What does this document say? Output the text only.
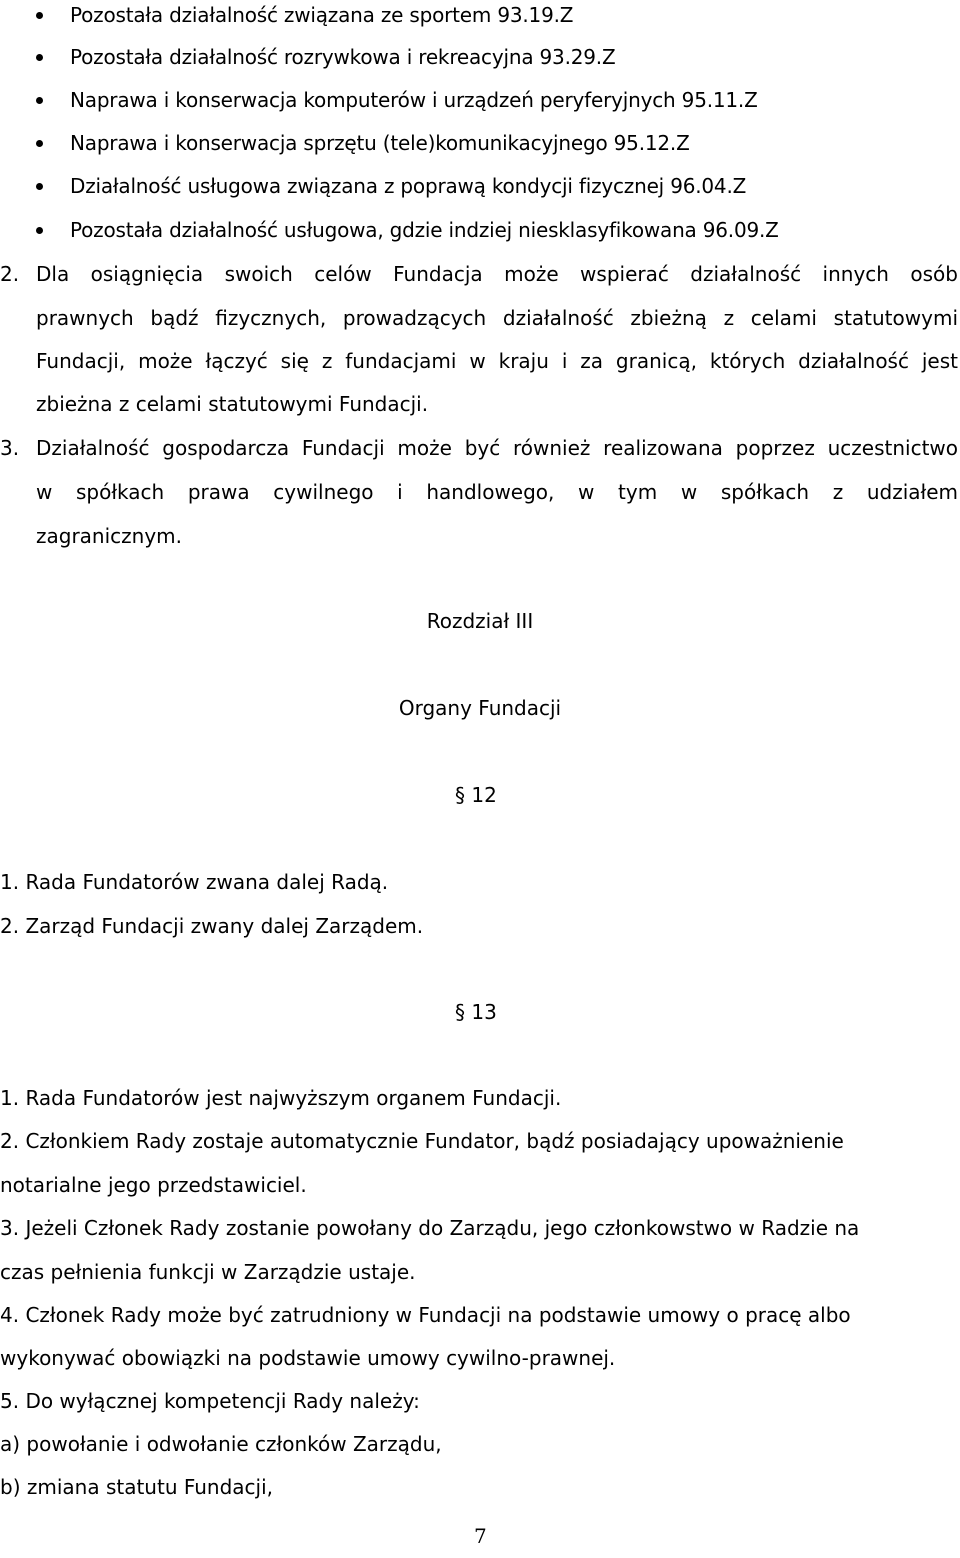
Pozostała działalność związana ze sportem 93.19.Z
Pozostała działalność rozrywkowa i rekreacyjna 93.29.Z
Naprawa i konserwacja komputerów i urządzeń peryferyjnych 95.11.Z
Naprawa i konserwacja sprzętu (tele)komunikacyjnego 95.12.Z
Działalność usługowa związana z poprawą kondycji fizycznej 96.04.Z
Pozostała działalność usługowa, gdzie indziej niesklasyfikowana 96.09.Z
2. Dla osiągnięcia swoich celów Fundacja może wspierać działalność innych osób
prawnych bądź fizycznych, prowadzących działalność zbieżną z celami statutowymi
Fundacji, może łączyć się z fundacjami w kraju i za granicą, których działalność jest
zbieżna z celami statutowymi Fundacji.
3. Działalność gospodarcza Fundacji może być również realizowana poprzez uczestnictwo
w spółkach prawa cywilnego i handlowego, w tym w spółkach z udziałem
zagranicznym.
Rozdział III
Organy Fundacji
§ 12
1. Rada Fundatorów zwana dalej Radą.
2. Zarząd Fundacji zwany dalej Zarządem.
§ 13
1. Rada Fundatorów jest najwyższym organem Fundacji.
2. Członkiem Rady zostaje automatycznie Fundator, bądź posiadający upoważnienie
notarialne jego przedstawiciel.
3. Jeżeli Członek Rady zostanie powołany do Zarządu, jego członkowstwo w Radzie na
czas pełnienia funkcji w Zarządzie ustaje.
4. Członek Rady może być zatrudniony w Fundacji na podstawie umowy o pracę albo
wykonywać obowiązki na podstawie umowy cywilno-prawnej.
5. Do wyłącznej kompetencji Rady należy:
a) powołanie i odwołanie członków Zarządu,
b) zmiana statutu Fundacji,
7
